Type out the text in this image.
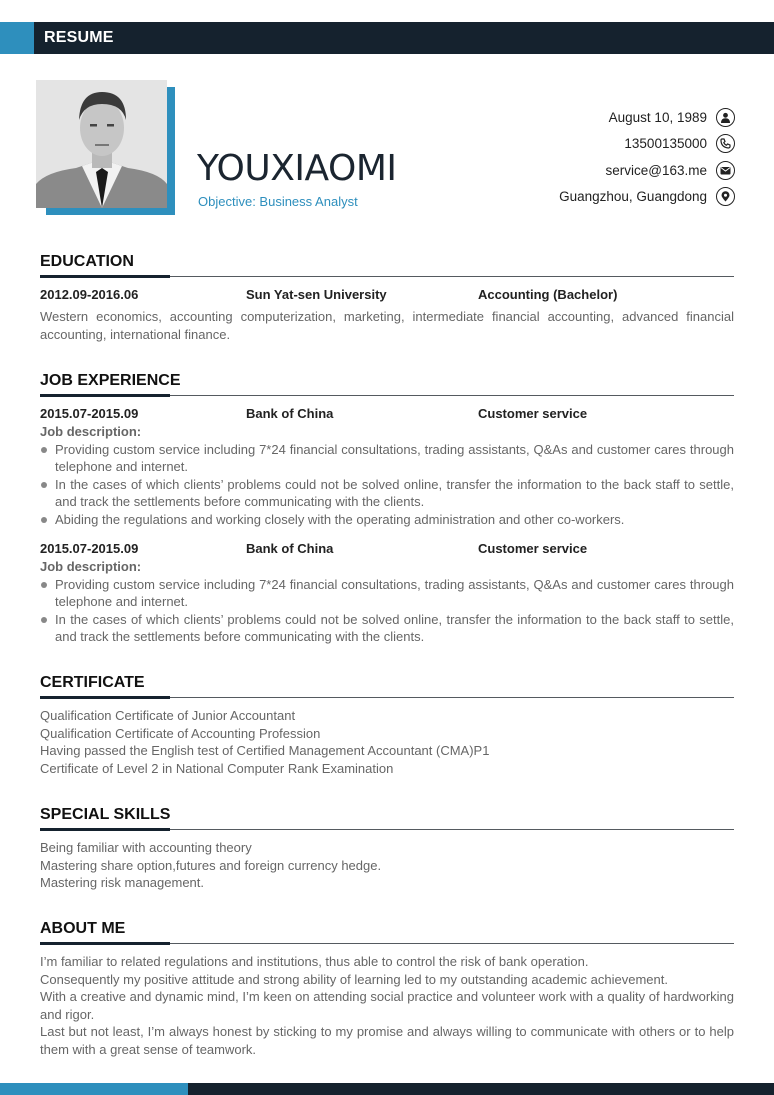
RESUME
YOUXIAOMI
Objective: Business Analyst
August 10, 1989
13500135000
service@163.me
Guangzhou, Guangdong
EDUCATION
2012.09-2016.06	Sun Yat-sen University	Accounting (Bachelor)

Western economics, accounting computerization, marketing, intermediate financial accounting, advanced financial accounting, international finance.

JOB EXPERIENCE
2015.07-2015.09	Bank of China	Customer service
Job description:
Providing custom service including 7*24 financial consultations, trading assistants, Q&As and customer cares through telephone and internet.
In the cases of which clients’ problems could not be solved online, transfer the information to the back staff to settle, and track the settlements before communicating with the clients.
Abiding the regulations and working closely with the operating administration and other co-workers.
2015.07-2015.09	Bank of China	Customer service
Job description:
Providing custom service including 7*24 financial consultations, trading assistants, Q&As and customer cares through telephone and internet.
In the cases of which clients’ problems could not be solved online, transfer the information to the back staff to settle, and track the settlements before communicating with the clients.
CERTIFICATE
Qualification Certificate of Junior Accountant
Qualification Certificate of Accounting Profession
Having passed the English test of Certified Management Accountant (CMA)P1
Certificate of Level 2 in National Computer Rank Examination
SPECIAL SKILLS
Being familiar with accounting theory
Mastering share option,futures and foreign currency hedge.
Mastering risk management.
ABOUT ME

I’m familiar to related regulations and institutions, thus able to control the risk of bank operation.

Consequently my positive attitude and strong ability of learning led to my outstanding academic achievement.

With a creative and dynamic mind, I’m keen on attending social practice and volunteer work with a quality of hardworking and rigor.

Last but not least, I’m always honest by sticking to my promise and always willing to communicate with others or to help them with a great sense of teamwork.
